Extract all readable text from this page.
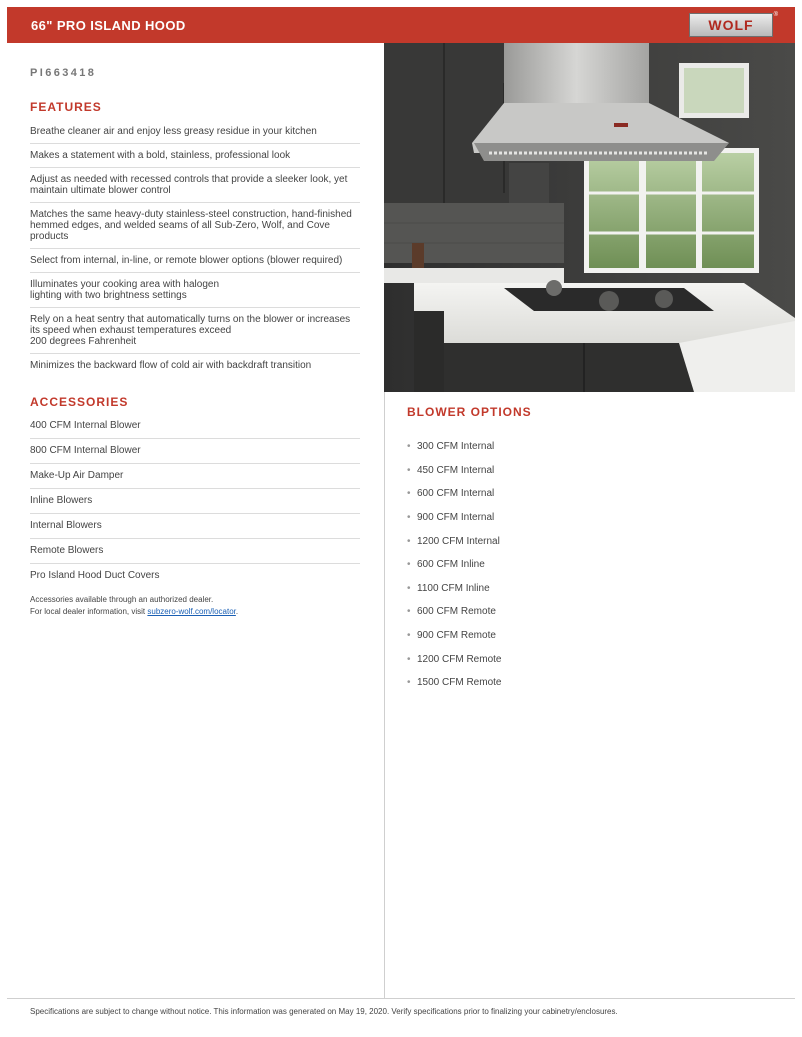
66" PRO ISLAND HOOD	WOLF
®
PI663418
FEATURES
Breathe cleaner air and enjoy less greasy residue in your kitchen
Makes a statement with a bold, stainless, professional look
Adjust as needed with recessed controls that provide a sleeker look, yet maintain ultimate blower control
Matches the same heavy-duty stainless-steel construction, hand-finished hemmed edges, and welded seams of all Sub-Zero, Wolf, and Cove products
Select from internal, in-line, or remote blower options (blower required)
Illuminates your cooking area with halogen
lighting with two brightness settings
Rely on a heat sentry that automatically turns on the blower or increases its speed when exhaust temperatures exceed
200 degrees Fahrenheit
Minimizes the backward flow of cold air with backdraft transition
ACCESSORIES
400 CFM Internal Blower
800 CFM Internal Blower
Make-Up Air Damper
Inline Blowers
Internal Blowers
Remote Blowers
Pro Island Hood Duct Covers
Accessories available through an authorized dealer.
For local dealer information, visit subzero-wolf.com/locator.
BLOWER OPTIONS
• 300 CFM Internal
• 450 CFM Internal
• 600 CFM Internal
• 900 CFM Internal
• 1200 CFM Internal
• 600 CFM Inline
• 1100 CFM Inline
• 600 CFM Remote
• 900 CFM Remote
• 1200 CFM Remote
• 1500 CFM Remote
Specifications are subject to change without notice. This information was generated on May 19, 2020. Verify specifications prior to finalizing your cabinetry/enclosures.
